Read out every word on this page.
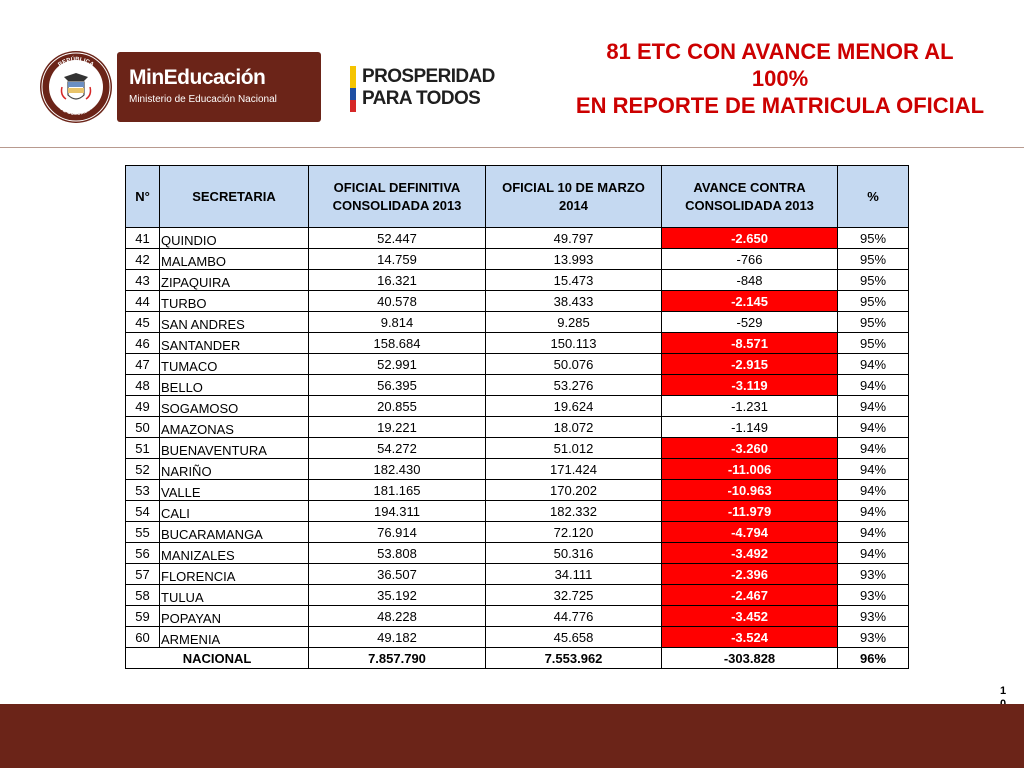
REPÚBLICA
DE COLOMBIA
MinEducación
Ministerio de Educación Nacional
PROSPERIDAD
PARA TODOS
81 ETC CON AVANCE MENOR AL
100%
EN REPORTE DE MATRICULA OFICIAL
N°	SECRETARIA	OFICIAL DEFINITIVA CONSOLIDADA 2013	OFICIAL 10 DE MARZO 2014	AVANCE CONTRA CONSOLIDADA 2013	%
41	QUINDIO	52.447	49.797	-2.650	95%
42	MALAMBO	14.759	13.993	-766	95%
43	ZIPAQUIRA	16.321	15.473	-848	95%
44	TURBO	40.578	38.433	-2.145	95%
45	SAN ANDRES	9.814	9.285	-529	95%
46	SANTANDER	158.684	150.113	-8.571	95%
47	TUMACO	52.991	50.076	-2.915	94%
48	BELLO	56.395	53.276	-3.119	94%
49	SOGAMOSO	20.855	19.624	-1.231	94%
50	AMAZONAS	19.221	18.072	-1.149	94%
51	BUENAVENTURA	54.272	51.012	-3.260	94%
52	NARIÑO	182.430	171.424	-11.006	94%
53	VALLE	181.165	170.202	-10.963	94%
54	CALI	194.311	182.332	-11.979	94%
55	BUCARAMANGA	76.914	72.120	-4.794	94%
56	MANIZALES	53.808	50.316	-3.492	94%
57	FLORENCIA	36.507	34.111	-2.396	93%
58	TULUA	35.192	32.725	-2.467	93%
59	POPAYAN	48.228	44.776	-3.452	93%
60	ARMENIA	49.182	45.658	-3.524	93%
NACIONAL		7.857.790	7.553.962	-303.828	96%
1
